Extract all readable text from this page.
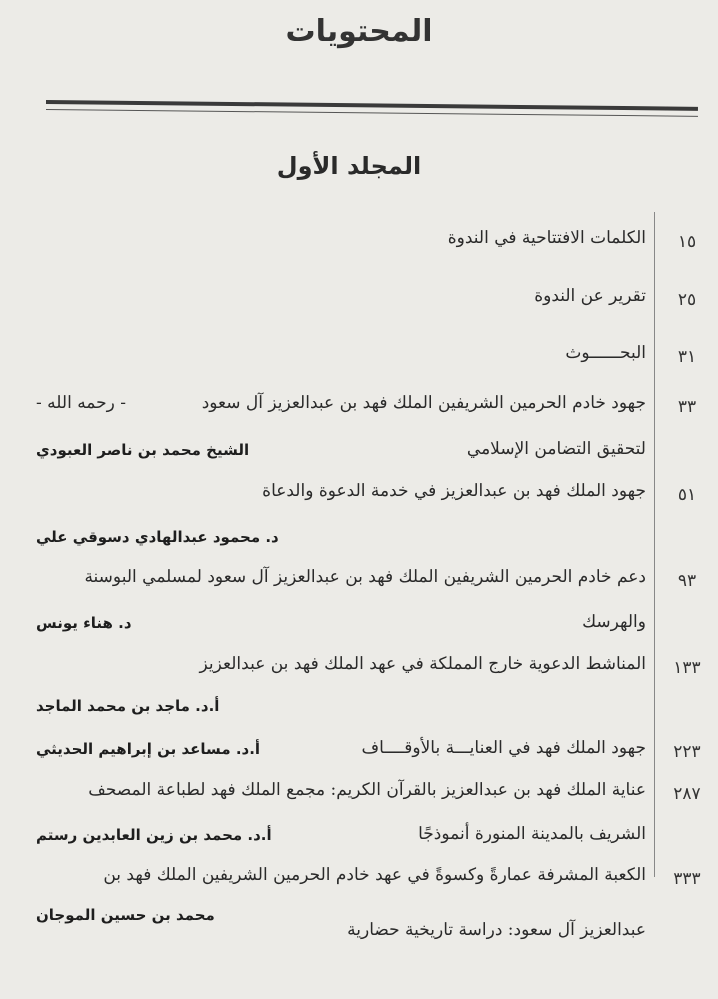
المحتويات
المجلد الأول
١٥
الكلمات الافتتاحية في الندوة
٢٥
تقرير عن الندوة
٣١
البحــــــوث
٣٣
جهود خادم الحرمين الشريفين الملك فهد بن عبدالعزيز آل سعود
- رحمه الله -
لتحقيق التضامن الإسلامي
الشيخ محمد بن ناصر العبودي
٥١
جهود الملك فهد بن عبدالعزيز في خدمة الدعوة والدعاة
د. محمود عبدالهادي دسوقي علي
٩٣
دعم خادم الحرمين الشريفين الملك فهد بن عبدالعزيز آل سعود لمسلمي البوسنة
والهرسك
د. هناء يونس
١٣٣
المناشط الدعوية خارج المملكة في عهد الملك فهد بن عبدالعزيز
أ.د. ماجد بن محمد الماجد
٢٢٣
جهود الملك فهد في العنايـــة بالأوقــــاف
أ.د. مساعد بن إبراهيم الحديثي
٢٨٧
عناية الملك فهد بن عبدالعزيز بالقرآن الكريم: مجمع الملك فهد لطباعة المصحف
الشريف بالمدينة المنورة أنموذجًا
أ.د. محمد بن زين العابدين رستم
٣٣٣
الكعبة المشرفة عمارةً وكسوةً في عهد خادم الحرمين الشريفين الملك فهد بن
عبدالعزيز آل سعود: دراسة تاريخية حضارية
محمد بن حسين الموجان
